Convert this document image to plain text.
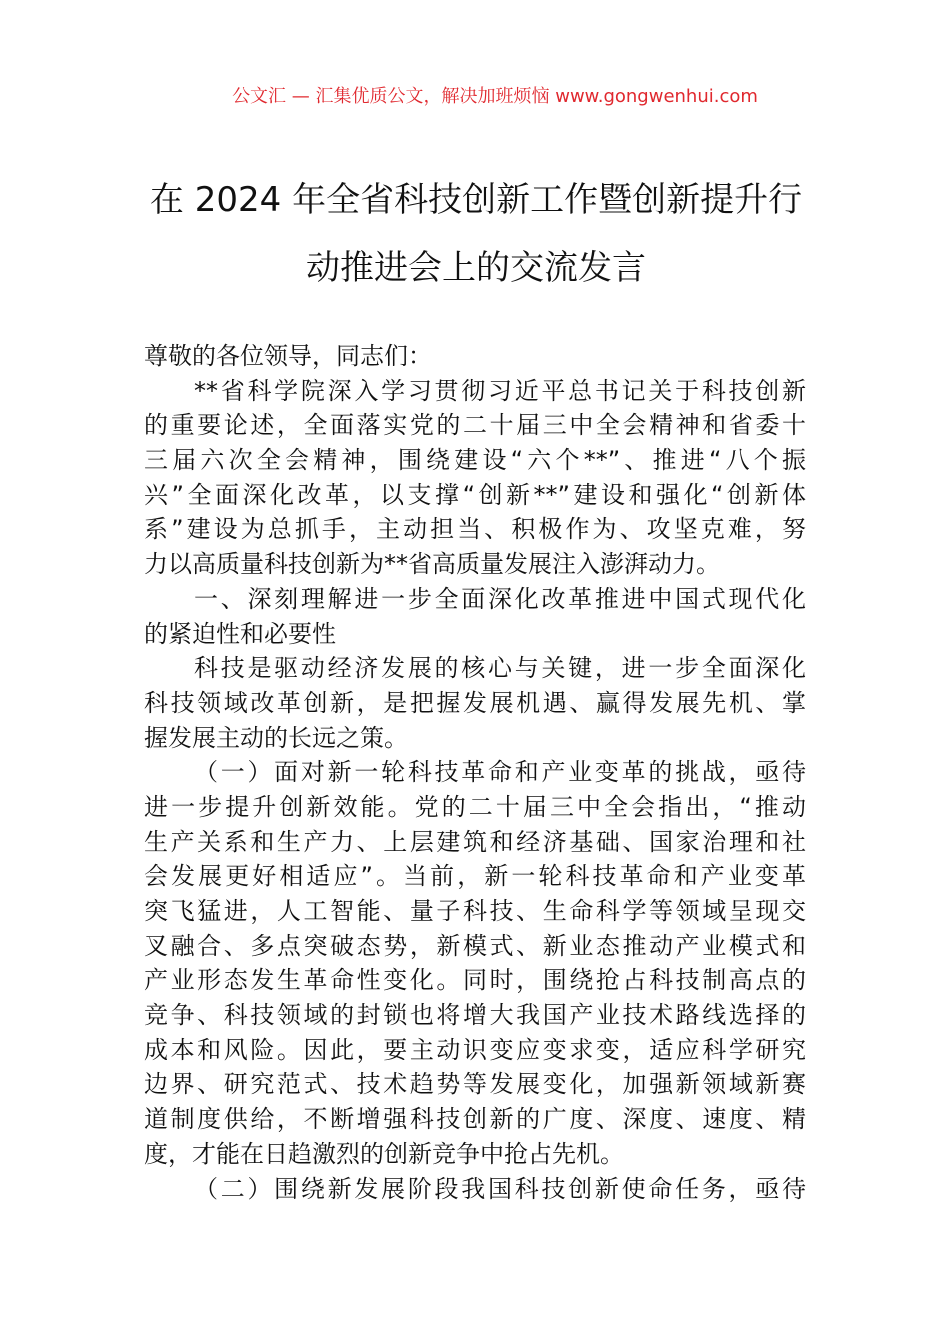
公文汇 — 汇集优质公文，解决加班烦恼 www.gongwenhui.com
在 2024 年全省科技创新工作暨创新提升行
动推进会上的交流发言
尊敬的各位领导，同志们：
**省科学院深入学习贯彻习近平总书记关于科技创新
的重要论述，全面落实党的二十届三中全会精神和省委十
三届六次全会精神，围绕建设“六个**”、推进“八个振
兴”全面深化改革，以支撑“创新**”建设和强化“创新体
系”建设为总抓手，主动担当、积极作为、攻坚克难，努
力以高质量科技创新为**省高质量发展注入澎湃动力。
一、深刻理解进一步全面深化改革推进中国式现代化
的紧迫性和必要性
科技是驱动经济发展的核心与关键，进一步全面深化
科技领域改革创新，是把握发展机遇、赢得发展先机、掌
握发展主动的长远之策。
（一）面对新一轮科技革命和产业变革的挑战，亟待
进一步提升创新效能。党的二十届三中全会指出，“推动
生产关系和生产力、上层建筑和经济基础、国家治理和社
会发展更好相适应”。当前，新一轮科技革命和产业变革
突飞猛进，人工智能、量子科技、生命科学等领域呈现交
叉融合、多点突破态势，新模式、新业态推动产业模式和
产业形态发生革命性变化。同时，围绕抢占科技制高点的
竞争、科技领域的封锁也将增大我国产业技术路线选择的
成本和风险。因此，要主动识变应变求变，适应科学研究
边界、研究范式、技术趋势等发展变化，加强新领域新赛
道制度供给，不断增强科技创新的广度、深度、速度、精
度，才能在日趋激烈的创新竞争中抢占先机。
（二）围绕新发展阶段我国科技创新使命任务，亟待
